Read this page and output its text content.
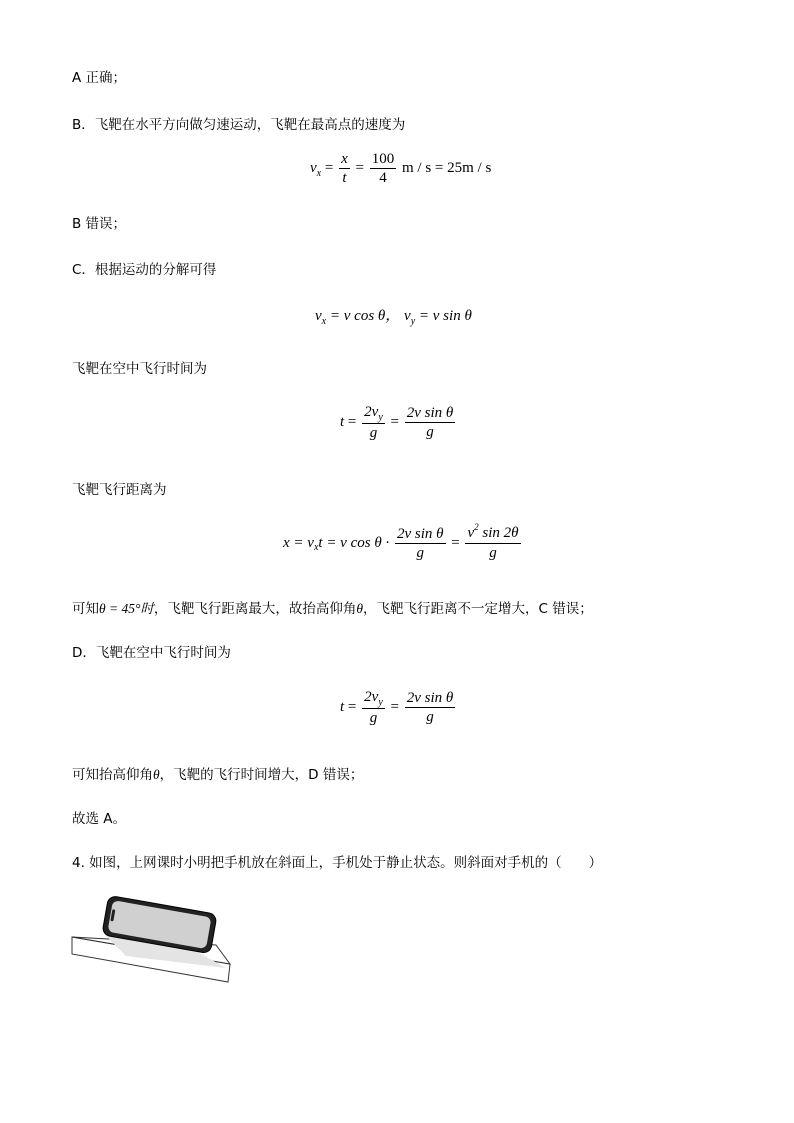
A 正确；
B．飞靶在水平方向做匀速运动，飞靶在最高点的速度为
$v_x = \frac{x}{t} = \frac{100}{4}$ m / s = 25m / s
B 错误；
C．根据运动的分解可得
$v_x = v$ cos θ， $v_y = v$ sin θ
飞靶在空中飞行时间为
$t = \frac{2v_y}{g} = \frac{\text{2v sin θ}}{g}$
飞靶飞行距离为
$x = v_xt = v$ $\cos \theta \cdot \frac{\text{2v sin θ}}{g} = \frac{v^2 \sin 2\theta}{g}$
可知θ = 45°时，飞靶飞行距离最大，故抬高仰角θ，飞靶飞行距离不一定增大，C 错误；
D．飞靶在空中飞行时间为
$t = \frac{2v_y}{g} = \frac{\text{2v sin θ}}{g}$
可知抬高仰角θ，飞靶的飞行时间增大，D 错误；
故选 A。
4. 如图，上网课时小明把手机放在斜面上，手机处于静止状态。则斜面对手机的（　　）
